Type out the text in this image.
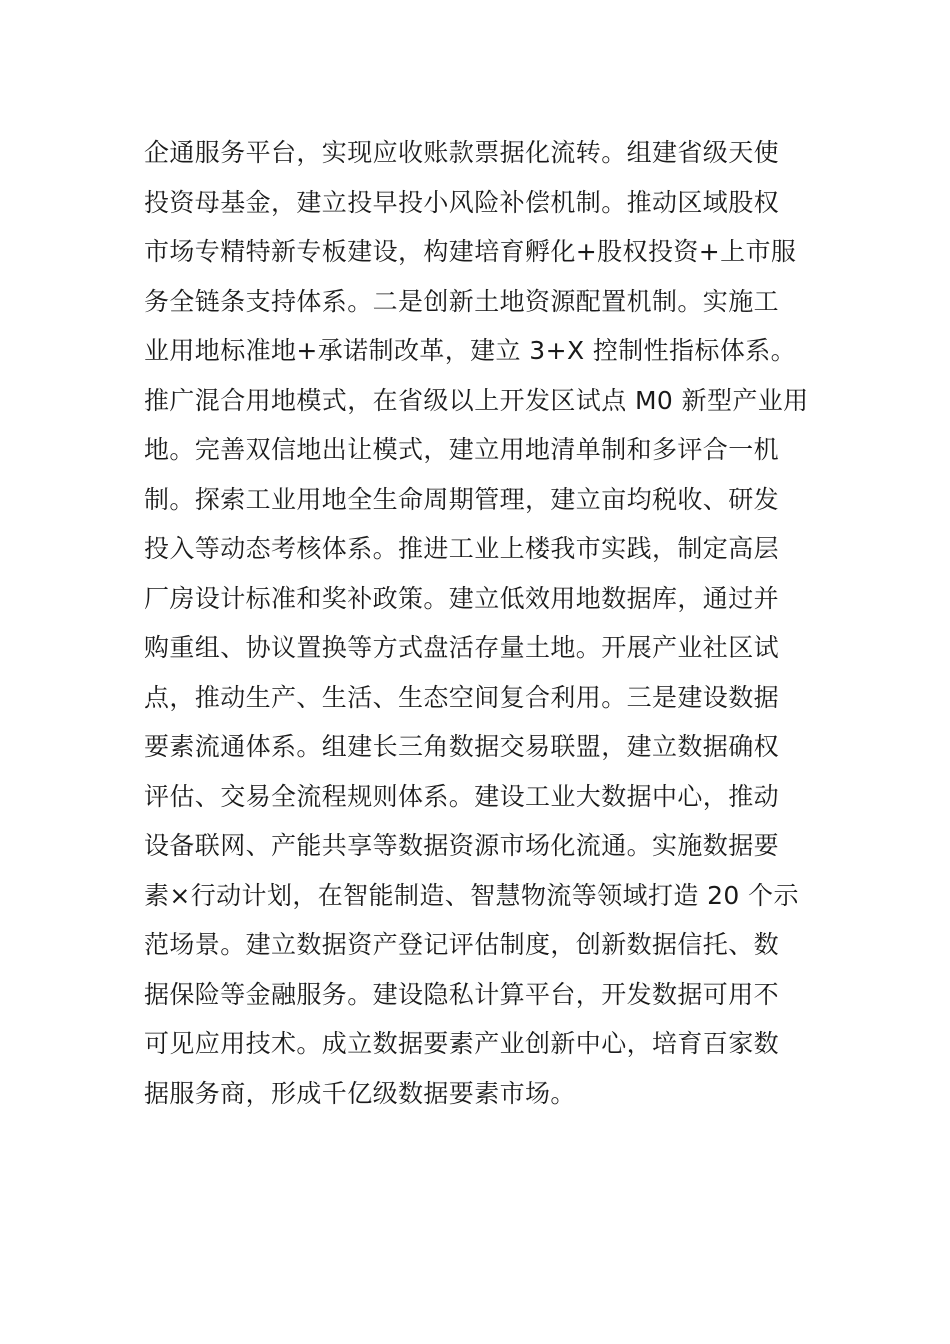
企通服务平台，实现应收账款票据化流转。组建省级天使
投资母基金，建立投早投小风险补偿机制。推动区域股权
市场专精特新专板建设，构建培育孵化+股权投资+上市服
务全链条支持体系。二是创新土地资源配置机制。实施工
业用地标准地+承诺制改革，建立 3+X 控制性指标体系。
推广混合用地模式，在省级以上开发区试点 M0 新型产业用
地。完善双信地出让模式，建立用地清单制和多评合一机
制。探索工业用地全生命周期管理，建立亩均税收、研发
投入等动态考核体系。推进工业上楼我市实践，制定高层
厂房设计标准和奖补政策。建立低效用地数据库，通过并
购重组、协议置换等方式盘活存量土地。开展产业社区试
点，推动生产、生活、生态空间复合利用。三是建设数据
要素流通体系。组建长三角数据交易联盟，建立数据确权
评估、交易全流程规则体系。建设工业大数据中心，推动
设备联网、产能共享等数据资源市场化流通。实施数据要
素×行动计划，在智能制造、智慧物流等领域打造 20 个示
范场景。建立数据资产登记评估制度，创新数据信托、数
据保险等金融服务。建设隐私计算平台，开发数据可用不
可见应用技术。成立数据要素产业创新中心，培育百家数
据服务商，形成千亿级数据要素市场。
